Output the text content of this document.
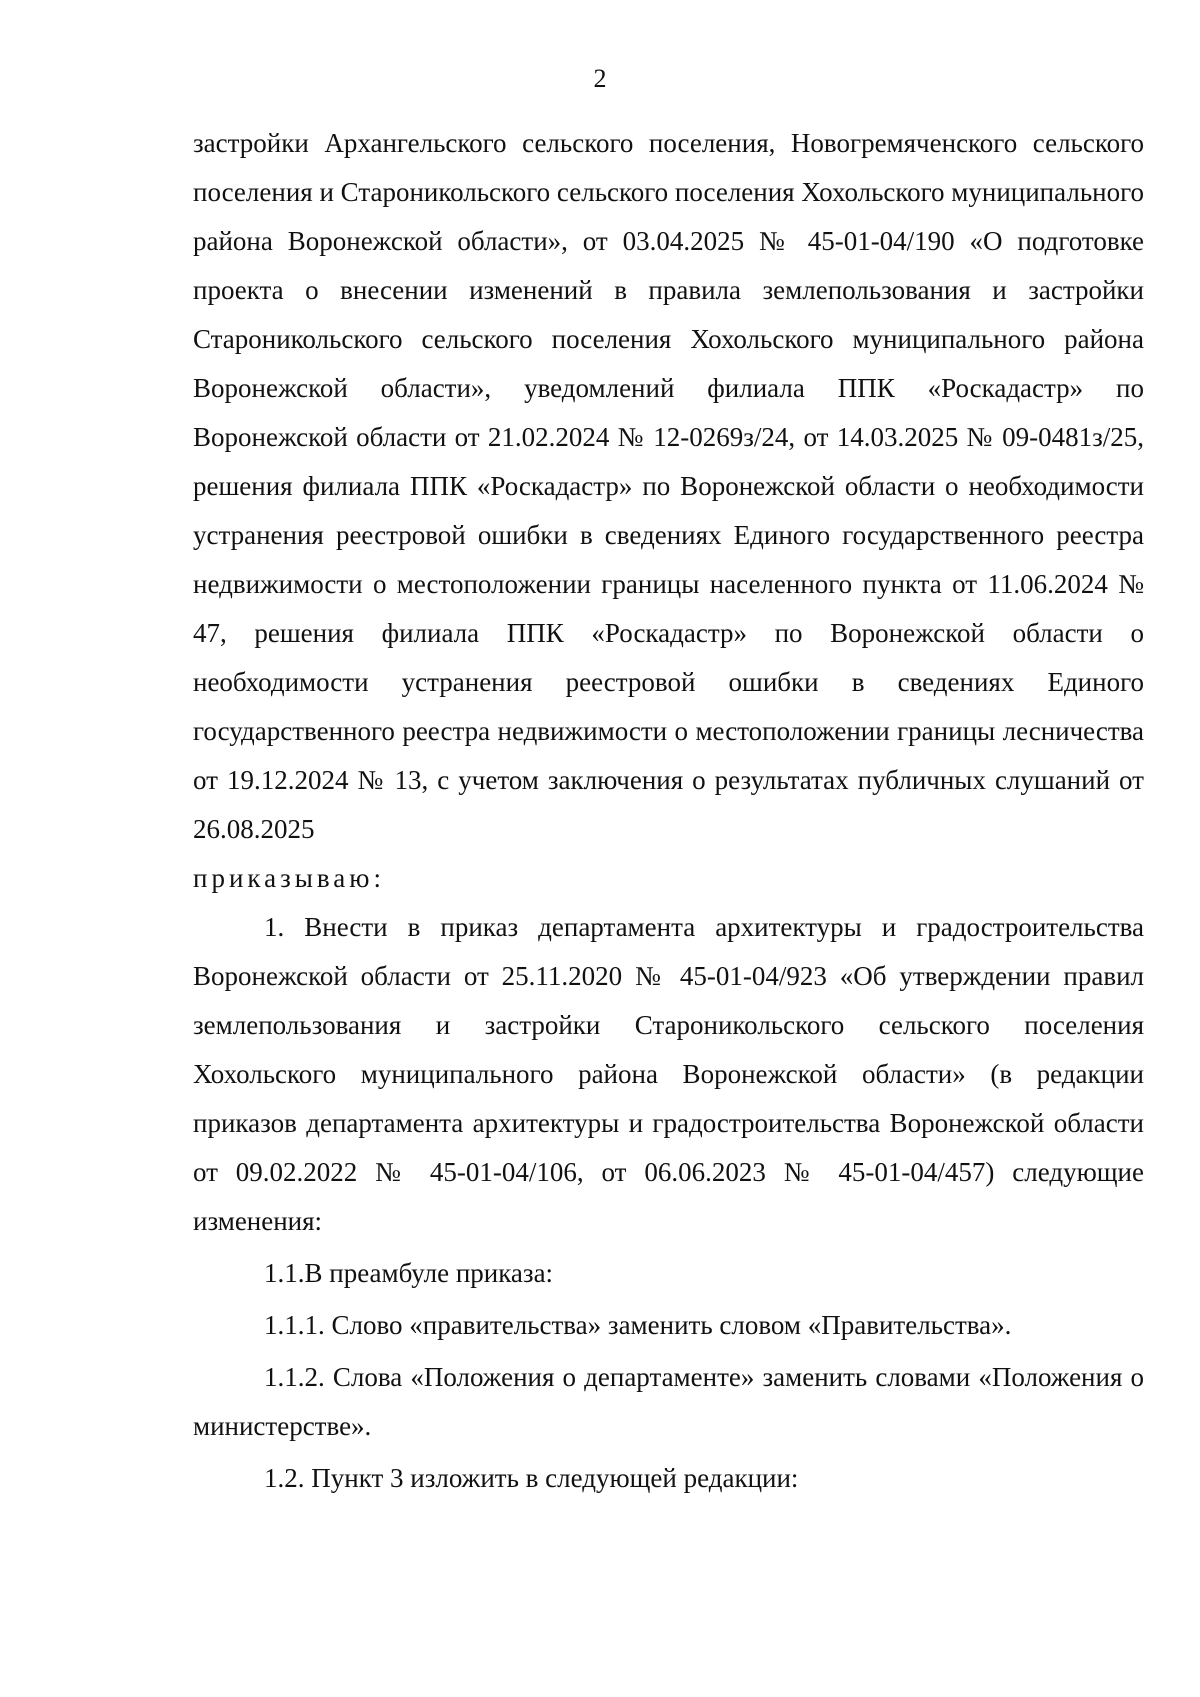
2

застройки Архангельского сельского поселения, Новогремяченского сельского поселения и Староникольского сельского поселения Хохольского муниципального района Воронежской области», от 03.04.2025 № 45-01-04/190 «О подготовке проекта о внесении изменений в правила землепользования и застройки Староникольского сельского поселения Хохольского муниципального района Воронежской области», уведомлений филиала ППК «Роскадастр» по Воронежской области от 21.02.2024 № 12-0269з/24, от 14.03.2025 № 09-0481з/25, решения филиала ППК «Роскадастр» по Воронежской области о необходимости устранения реестровой ошибки в сведениях Единого государственного реестра недвижимости о местоположении границы населенного пункта от 11.06.2024 № 47, решения филиала ППК «Роскадастр» по Воронежской области о необходимости устранения реестровой ошибки в сведениях Единого государственного реестра недвижимости о местоположении границы лесничества от 19.12.2024 № 13, с учетом заключения о результатах публичных слушаний от 26.08.2025

приказываю:

1. Внести в приказ департамента архитектуры и градостроительства Воронежской области от 25.11.2020 № 45-01-04/923 «Об утверждении правил землепользования и застройки Староникольского сельского поселения Хохольского муниципального района Воронежской области» (в редакции приказов департамента архитектуры и градостроительства Воронежской области от 09.02.2022 № 45-01-04/106, от 06.06.2023 № 45-01-04/457) следующие изменения:

1.1.В преамбуле приказа:

1.1.1. Слово «правительства» заменить словом «Правительства».

1.1.2. Слова «Положения о департаменте» заменить словами «Положения о министерстве».

1.2. Пункт 3 изложить в следующей редакции:
